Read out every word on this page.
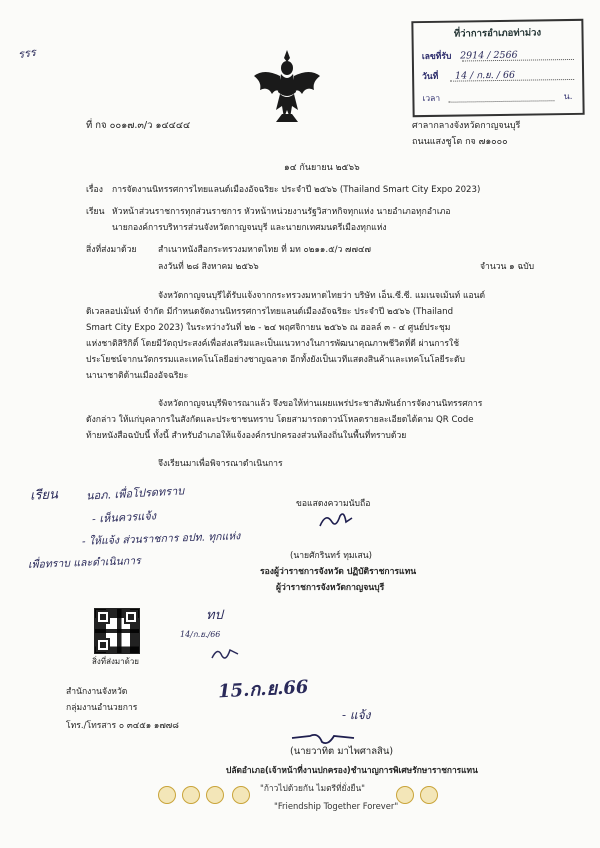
รรร
ที่ว่าการอำเภอท่าม่วง
เลขที่รับ 2914 / 2566
วันที่ 14 / ก.ย. / 66
เวลา	น.
ที่ กจ ๐๐๑๗.๓/ว ๑๔๔๔๔	ศาลากลางจังหวัดกาญจนบุรี
ถนนแสงชูโต กจ ๗๑๐๐๐
๑๔ กันยายน ๒๕๖๖
เรื่อง การจัดงานนิทรรศการไทยแลนด์เมืองอัจฉริยะ ประจำปี ๒๕๖๖ (Thailand Smart City Expo 2023)
เรียน หัวหน้าส่วนราชการทุกส่วนราชการ หัวหน้าหน่วยงานรัฐวิสาหกิจทุกแห่ง นายอำเภอทุกอำเภอ
นายกองค์การบริหารส่วนจังหวัดกาญจนบุรี และนายกเทศมนตรีเมืองทุกแห่ง
สิ่งที่ส่งมาด้วย	สำเนาหนังสือกระทรวงมหาดไทย ที่ มท ๐๒๑๑.๕/ว ๗๗๔๗
ลงวันที่ ๒๘ สิงหาคม ๒๕๖๖	จำนวน ๑ ฉบับ
จังหวัดกาญจนบุรีได้รับแจ้งจากกระทรวงมหาดไทยว่า บริษัท เอ็น.ซี.ซี. แมเนจเม้นท์ แอนด์
ดิเวลลอปเม้นท์ จำกัด มีกำหนดจัดงานนิทรรศการไทยแลนด์เมืองอัจฉริยะ ประจำปี ๒๕๖๖ (Thailand
Smart City Expo 2023) ในระหว่างวันที่ ๒๒ - ๒๔ พฤศจิกายน ๒๕๖๖ ณ ฮอลล์ ๓ - ๔ ศูนย์ประชุม
แห่งชาติสิริกิติ์ โดยมีวัตถุประสงค์เพื่อส่งเสริมและเป็นแนวทางในการพัฒนาคุณภาพชีวิตที่ดี ผ่านการใช้
ประโยชน์จากนวัตกรรมและเทคโนโลยีอย่างชาญฉลาด อีกทั้งยังเป็นเวทีแสดงสินค้าและเทคโนโลยีระดับ
นานาชาติด้านเมืองอัจฉริยะ
จังหวัดกาญจนบุรีพิจารณาแล้ว จึงขอให้ท่านเผยแพร่ประชาสัมพันธ์การจัดงานนิทรรศการ
ดังกล่าว ให้แก่บุคลากรในสังกัดและประชาชนทราบ โดยสามารถดาวน์โหลดรายละเอียดได้ตาม QR Code
ท้ายหนังสือฉบับนี้ ทั้งนี้ สำหรับอำเภอให้แจ้งองค์กรปกครองส่วนท้องถิ่นในพื้นที่ทราบด้วย
จึงเรียนมาเพื่อพิจารณาดำเนินการ
เรียน นอภ. เพื่อโปรดทราบ
- เห็นควรแจ้ง
- ให้แจ้ง ส่วนราชการ อปท. ทุกแห่ง
เพื่อทราบ และดำเนินการ
ขอแสดงความนับถือ
(นายศักรินทร์ ทุมเสน)
รองผู้ว่าราชการจังหวัด ปฏิบัติราชการแทน
ผู้ว่าราชการจังหวัดกาญจนบุรี
สิ่งที่ส่งมาด้วย
ทป
14/ก.ย./66
15.ก.ย.66
สำนักงานจังหวัด
กลุ่มงานอำนวยการ
โทร./โทรสาร ๐ ๓๔๕๑ ๑๗๗๘
- แจ้ง
(นายวาทิต มาไพศาลสิน)
ปลัดอำเภอ(เจ้าหน้าที่งานปกครอง)ชำนาญการพิเศษรักษาราชการแทน
"ก้าวไปด้วยกัน ไมตรีที่ยั่งยืน"
"Friendship Together Forever"
